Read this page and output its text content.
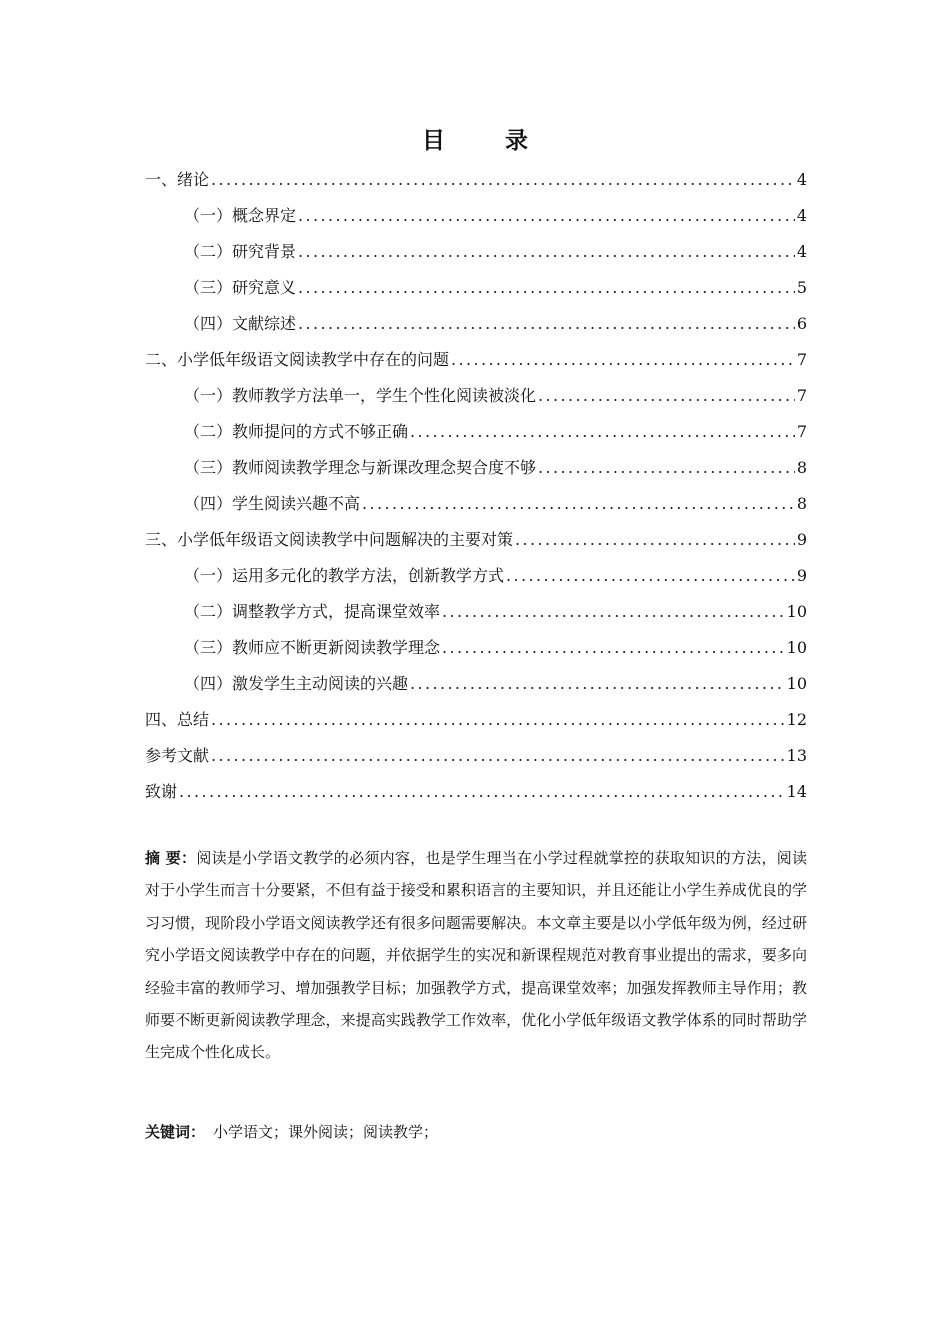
目 录
一、绪论 .....	4
（一）概念界定 .....	4
（二）研究背景 .....	4
（三）研究意义 .....	5
（四）文献综述 .....	6
二、小学低年级语文阅读教学中存在的问题 .....	7
（一）教师教学方法单一，学生个性化阅读被淡化 .....	7
（二）教师提问的方式不够正确 .....	7
（三）教师阅读教学理念与新课改理念契合度不够 .....	8
（四）学生阅读兴趣不高 .....	8
三、小学低年级语文阅读教学中问题解决的主要对策 .....	9
（一）运用多元化的教学方法，创新教学方式 .....	9
（二）调整教学方式，提高课堂效率 .....	10
（三）教师应不断更新阅读教学理念 .....	10
（四）激发学生主动阅读的兴趣 .....	10
四、总结 .....	12
参考文献 .....	13
致谢 .....	14
摘 要：阅读是小学语文教学的必须内容，也是学生理当在小学过程就掌控的获取知识的方法，阅读对于小学生而言十分要紧，不但有益于接受和累积语言的主要知识，并且还能让小学生养成优良的学习习惯，现阶段小学语文阅读教学还有很多问题需要解决。本文章主要是以小学低年级为例，经过研究小学语文阅读教学中存在的问题，并依据学生的实况和新课程规范对教育事业提出的需求，要多向经验丰富的教师学习、增加强教学目标；加强教学方式，提高课堂效率；加强发挥教师主导作用；教师要不断更新阅读教学理念，来提高实践教学工作效率，优化小学低年级语文教学体系的同时帮助学生完成个性化成长。
关键词： 小学语文；课外阅读；阅读教学；
